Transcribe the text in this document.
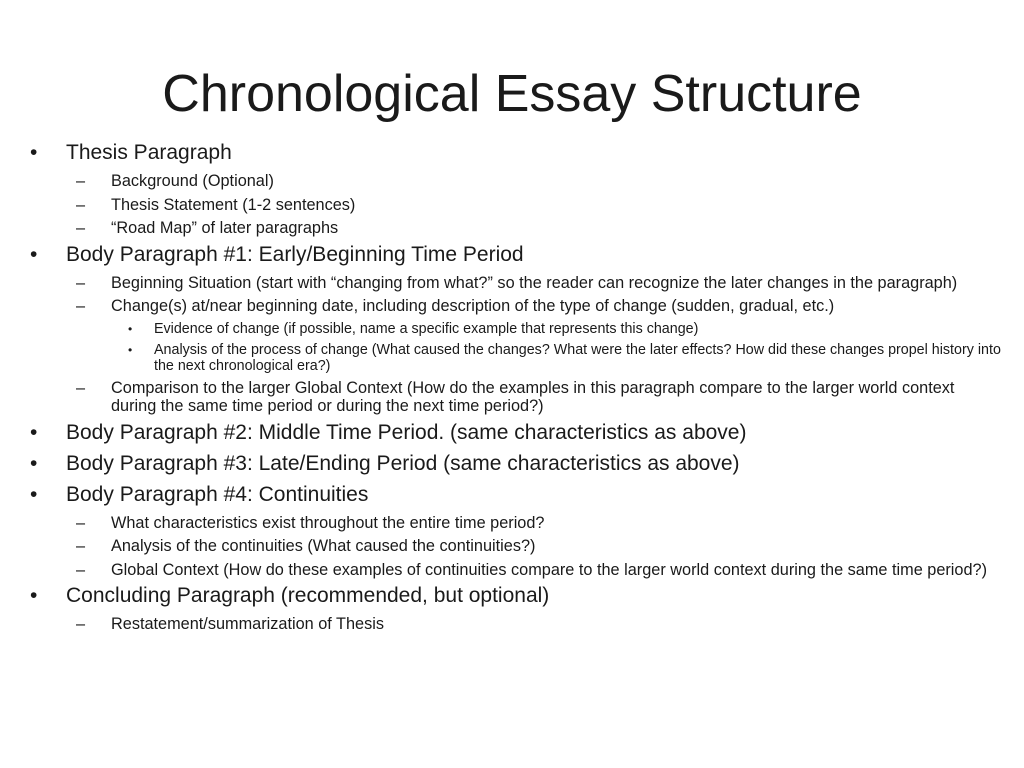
Chronological Essay Structure
• Thesis Paragraph
– Background (Optional)
– Thesis Statement (1-2 sentences)
– “Road Map” of later paragraphs
• Body Paragraph #1: Early/Beginning Time Period
– Beginning Situation (start with “changing from what?” so the reader can recognize the later changes in the paragraph)
– Change(s) at/near beginning date, including description of the type of change (sudden, gradual, etc.)
• Evidence of change (if possible, name a specific example that represents this change)
• Analysis of the process of change (What caused the changes? What were the later effects? How did these changes propel history into the next chronological era?)
– Comparison to the larger Global Context (How do the examples in this paragraph compare to the larger world context during the same time period or during the next time period?)
• Body Paragraph #2: Middle Time Period. (same characteristics as above)
• Body Paragraph #3: Late/Ending Period (same characteristics as above)
• Body Paragraph #4: Continuities
– What characteristics exist throughout the entire time period?
– Analysis of the continuities (What caused the continuities?)
– Global Context (How do these examples of continuities compare to the larger world context during the same time period?)
• Concluding Paragraph (recommended, but optional)
– Restatement/summarization of Thesis
